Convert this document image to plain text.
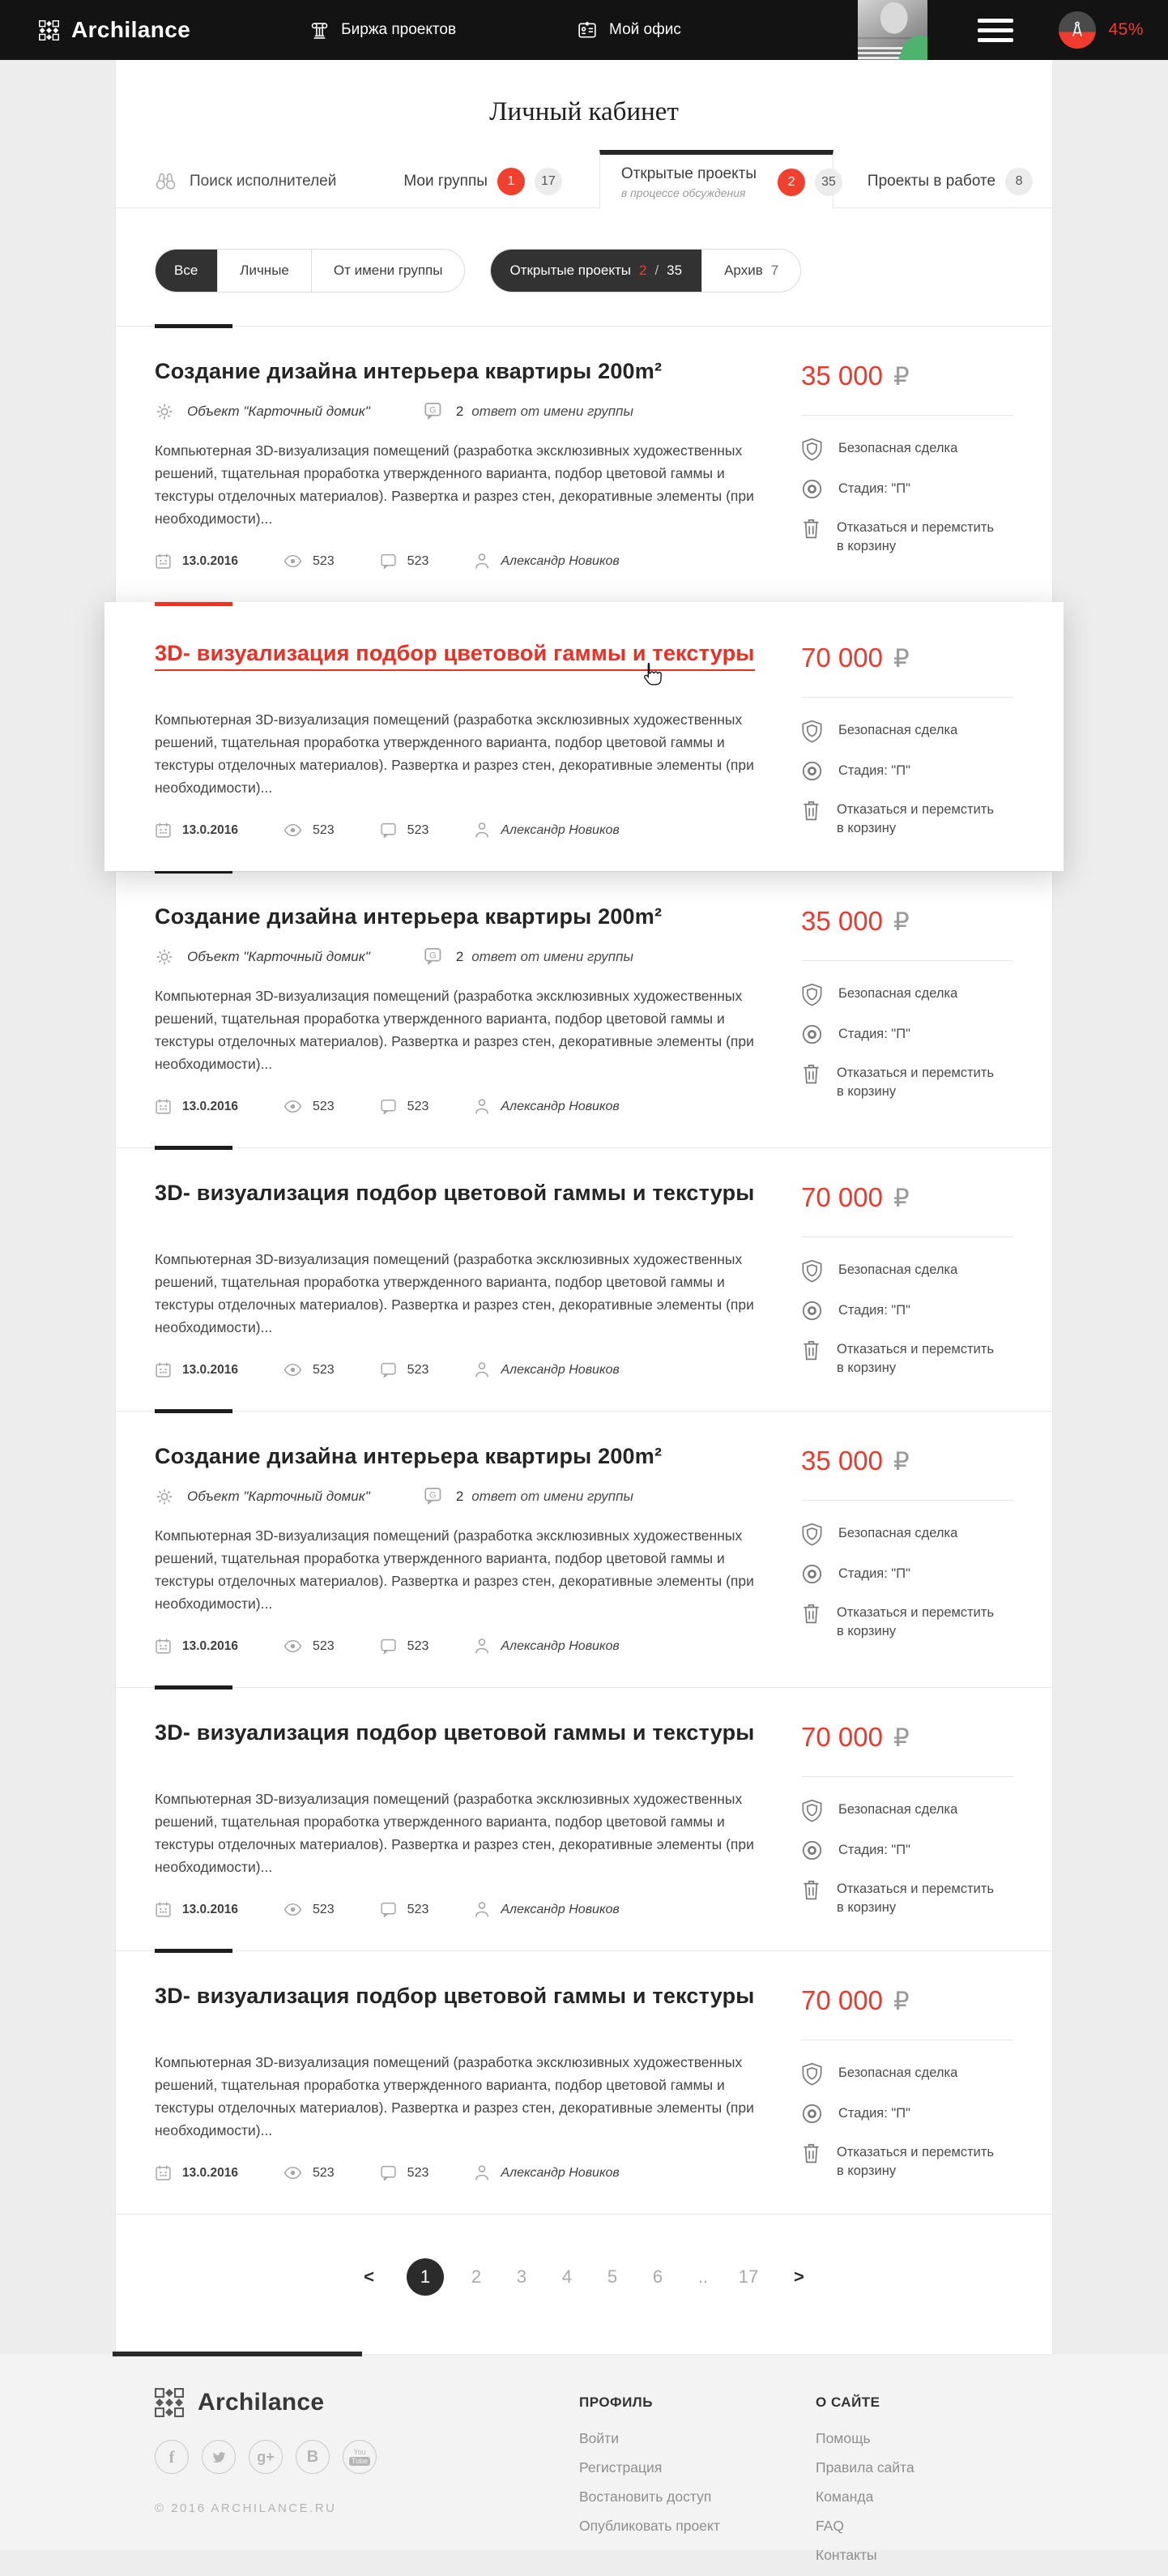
Archilance	Биржа проектов	Мой офис	45%
Личный кабинет
Поиск исполнителей	Мои группы	1	17	Открытые проекты
в процессе обсуждения
2	35	Проекты в работе	8
Все	Личные	От имени группы	Открытые проекты 2 / 35	Архив 7
Создание дизайна интерьера квартиры 200m²
Объект "Карточный домик"	G 2 ответ от имени группы

Компьютерная 3D-визуализация помещений (разработка эксклюзивных художественных решений, тщательная проработка утвержденного варианта, подбор цветовой гаммы и текстуры отделочных материалов). Развертка и разрез стен, декоративные элементы (при необходимости)...

13.0.2016	523	523	Александр Новиков
35 000 ₽
Безопасная сделка
Стадия: "П"
Отказаться и перемстить в корзину
3D- визуализация подбор цветовой гаммы и текстуры

Компьютерная 3D-визуализация помещений (разработка эксклюзивных художественных решений, тщательная проработка утвержденного варианта, подбор цветовой гаммы и текстуры отделочных материалов). Развертка и разрез стен, декоративные элементы (при необходимости)...

13.0.2016	523	523	Александр Новиков
70 000 ₽
Безопасная сделка
Стадия: "П"
Отказаться и перемстить в корзину
Создание дизайна интерьера квартиры 200m²
Объект "Карточный домик"	G 2 ответ от имени группы

Компьютерная 3D-визуализация помещений (разработка эксклюзивных художественных решений, тщательная проработка утвержденного варианта, подбор цветовой гаммы и текстуры отделочных материалов). Развертка и разрез стен, декоративные элементы (при необходимости)...

13.0.2016	523	523	Александр Новиков
35 000 ₽
Безопасная сделка
Стадия: "П"
Отказаться и перемстить в корзину
3D- визуализация подбор цветовой гаммы и текстуры

Компьютерная 3D-визуализация помещений (разработка эксклюзивных художественных решений, тщательная проработка утвержденного варианта, подбор цветовой гаммы и текстуры отделочных материалов). Развертка и разрез стен, декоративные элементы (при необходимости)...

13.0.2016	523	523	Александр Новиков
70 000 ₽
Безопасная сделка
Стадия: "П"
Отказаться и перемстить в корзину
Создание дизайна интерьера квартиры 200m²
Объект "Карточный домик"	G 2 ответ от имени группы

Компьютерная 3D-визуализация помещений (разработка эксклюзивных художественных решений, тщательная проработка утвержденного варианта, подбор цветовой гаммы и текстуры отделочных материалов). Развертка и разрез стен, декоративные элементы (при необходимости)...

13.0.2016	523	523	Александр Новиков
35 000 ₽
Безопасная сделка
Стадия: "П"
Отказаться и перемстить в корзину
3D- визуализация подбор цветовой гаммы и текстуры

Компьютерная 3D-визуализация помещений (разработка эксклюзивных художественных решений, тщательная проработка утвержденного варианта, подбор цветовой гаммы и текстуры отделочных материалов). Развертка и разрез стен, декоративные элементы (при необходимости)...

13.0.2016	523	523	Александр Новиков
70 000 ₽
Безопасная сделка
Стадия: "П"
Отказаться и перемстить в корзину
3D- визуализация подбор цветовой гаммы и текстуры

Компьютерная 3D-визуализация помещений (разработка эксклюзивных художественных решений, тщательная проработка утвержденного варианта, подбор цветовой гаммы и текстуры отделочных материалов). Развертка и разрез стен, декоративные элементы (при необходимости)...

13.0.2016	523	523	Александр Новиков
70 000 ₽
Безопасная сделка
Стадия: "П"
Отказаться и перемстить в корзину
<	1	2	3	4	5	6	..	17	>
Archilance
f	g+ B	You
Tube
© 2016 ARCHILANCE.RU
ПРОФИЛЬ
Войти
Регистрация
Востановить доступ
Опубликовать проект
О САЙТЕ
Помощь
Правила сайта
Команда
FAQ
Контакты
